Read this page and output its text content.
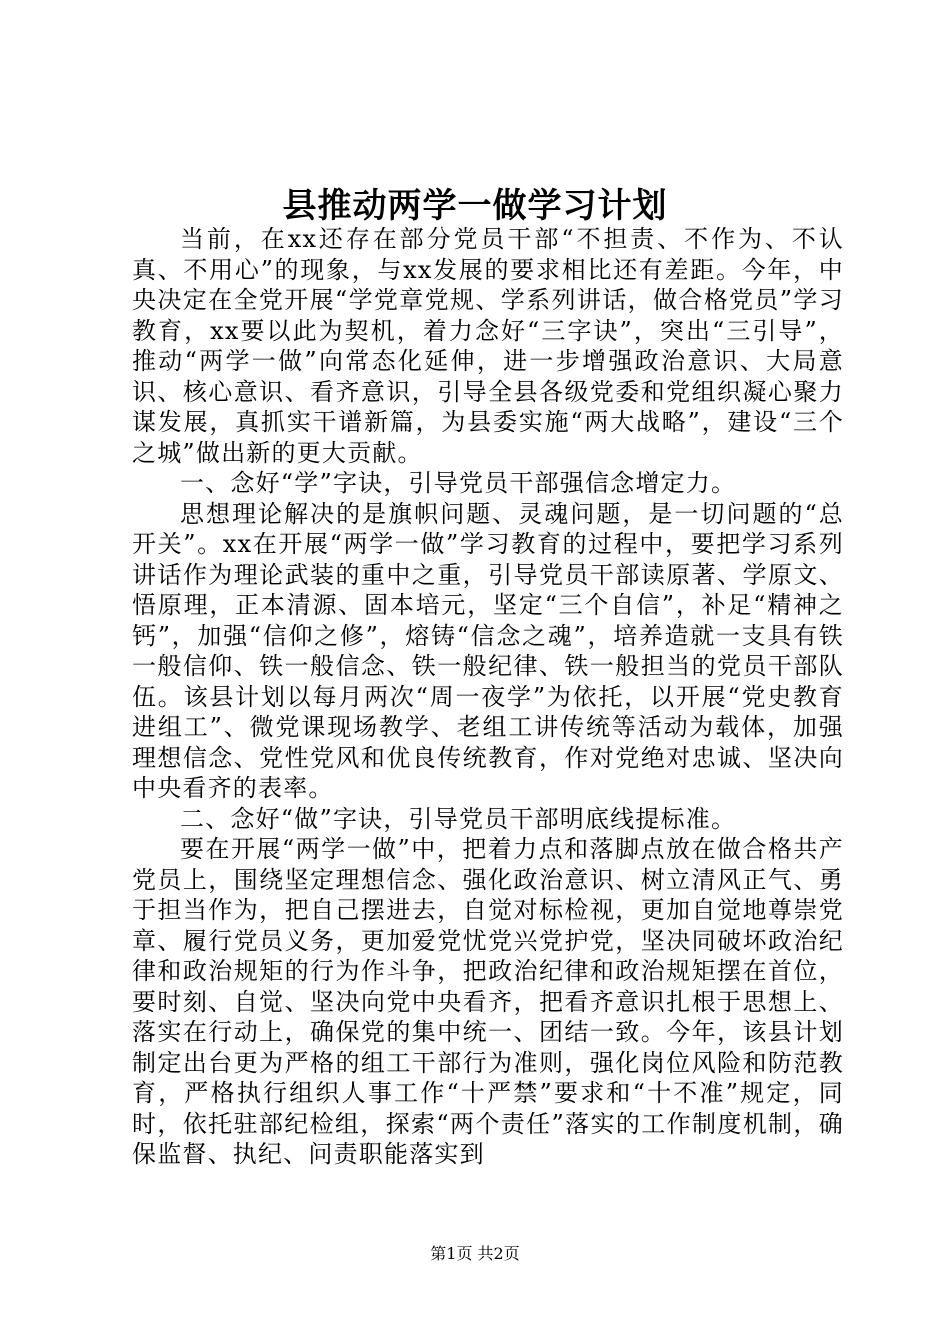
县推动两学一做学习计划

当前，在xx还存在部分党员干部“不担责、不作为、不认真、不用心”的现象，与xx发展的要求相比还有差距。今年，中央决定在全党开展“学党章党规、学系列讲话，做合格党员”学习教育，xx要以此为契机，着力念好“三字诀”，突出“三引导”，推动“两学一做”向常态化延伸，进一步增强政治意识、大局意识、核心意识、看齐意识，引导全县各级党委和党组织凝心聚力谋发展，真抓实干谱新篇，为县委实施“两大战略”，建设“三个之城”做出新的更大贡献。

一、念好“学”字诀，引导党员干部强信念增定力。

思想理论解决的是旗帜问题、灵魂问题，是一切问题的“总开关”。xx在开展“两学一做”学习教育的过程中，要把学习系列讲话作为理论武装的重中之重，引导党员干部读原著、学原文、悟原理，正本清源、固本培元，坚定“三个自信”，补足“精神之钙”，加强“信仰之修”，熔铸“信念之魂”，培养造就一支具有铁一般信仰、铁一般信念、铁一般纪律、铁一般担当的党员干部队伍。该县计划以每月两次“周一夜学”为依托，以开展“党史教育进组工”、微党课现场教学、老组工讲传统等活动为载体，加强理想信念、党性党风和优良传统教育，作对党绝对忠诚、坚决向中央看齐的表率。

二、念好“做”字诀，引导党员干部明底线提标准。

要在开展“两学一做”中，把着力点和落脚点放在做合格共产党员上，围绕坚定理想信念、强化政治意识、树立清风正气、勇于担当作为，把自己摆进去，自觉对标检视，更加自觉地尊崇党章、履行党员义务，更加爱党忧党兴党护党，坚决同破坏政治纪律和政治规矩的行为作斗争，把政治纪律和政治规矩摆在首位，要时刻、自觉、坚决向党中央看齐，把看齐意识扎根于思想上、落实在行动上，确保党的集中统一、团结一致。今年，该县计划制定出台更为严格的组工干部行为准则，强化岗位风险和防范教育，严格执行组织人事工作“十严禁”要求和“十不准”规定，同时，依托驻部纪检组，探索“两个责任”落实的工作制度机制，确保监督、执纪、问责职能落实到

第1页 共2页
